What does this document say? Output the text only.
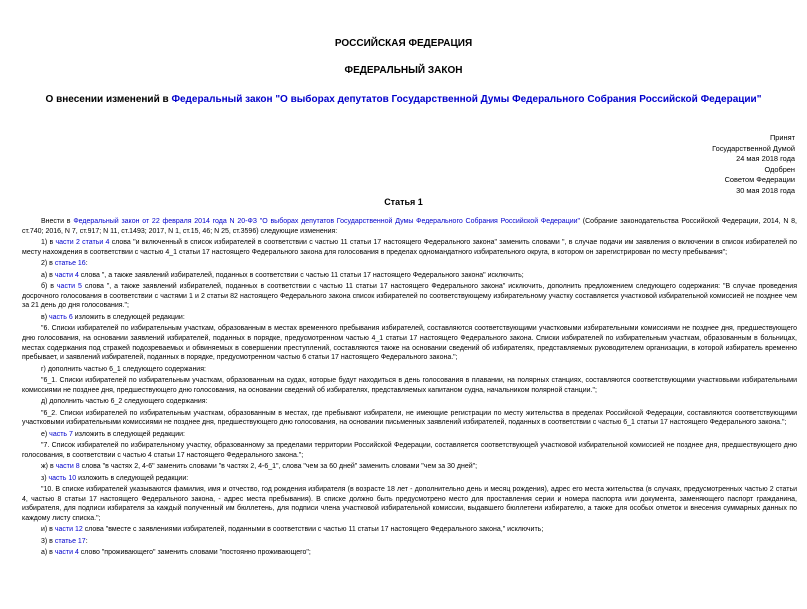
РОССИЙСКАЯ ФЕДЕРАЦИЯ
ФЕДЕРАЛЬНЫЙ ЗАКОН
О внесении изменений в Федеральный закон "О выборах депутатов Государственной Думы Федерального Собрания Российской Федерации"
Принят
Государственной Думой
24 мая 2018 года
Одобрен
Советом Федерации
30 мая 2018 года
Статья 1

Внести в Федеральный закон от 22 февраля 2014 года N 20-ФЗ "О выборах депутатов Государственной Думы Федерального Собрания Российской Федерации" (Собрание законодательства Российской Федерации, 2014, N 8, ст.740; 2016, N 7, ст.917; N 11, ст.1493; 2017, N 1, ст.15, 46; N 25, ст.3596) следующие изменения:

1) в части 2 статьи 4 слова "и включенный в список избирателей в соответствии с частью 11 статьи 17 настоящего Федерального закона" заменить словами ", в случае подачи им заявления о включении в список избирателей по месту нахождения в соответствии с частью 4_1 статьи 17 настоящего Федерального закона для голосования в пределах одномандатного избирательного округа, в котором он зарегистрирован по месту пребывания";

2) в статье 16:

а) в части 4 слова ", а также заявлений избирателей, поданных в соответствии с частью 11 статьи 17 настоящего Федерального закона" исключить;

б) в части 5 слова ", а также заявлений избирателей, поданных в соответствии с частью 11 статьи 17 настоящего Федерального закона" исключить, дополнить предложением следующего содержания: "В случае проведения досрочного голосования в соответствии с частями 1 и 2 статьи 82 настоящего Федерального закона список избирателей по соответствующему избирательному участку составляется участковой избирательной комиссией не позднее чем за 21 день до дня голосования.";

в) часть 6 изложить в следующей редакции:

"6. Списки избирателей по избирательным участкам, образованным в местах временного пребывания избирателей, составляются соответствующими участковыми избирательными комиссиями не позднее дня, предшествующего дню голосования, на основании заявлений избирателей, поданных в порядке, предусмотренном частью 4_1 статьи 17 настоящего Федерального закона. Списки избирателей по избирательным участкам, образованным в больницах, местах содержания под стражей подозреваемых и обвиняемых в совершении преступлений, составляются также на основании сведений об избирателях, представляемых руководителем организации, в которой избиратель временно пребывает, и заявлений избирателей, поданных в порядке, предусмотренном частью 6 статьи 17 настоящего Федерального закона.";

г) дополнить частью 6_1 следующего содержания:

"6_1. Списки избирателей по избирательным участкам, образованным на судах, которые будут находиться в день голосования в плавании, на полярных станциях, составляются соответствующими участковыми избирательными комиссиями не позднее дня, предшествующего дню голосования, на основании сведений об избирателях, представляемых капитаном судна, начальником полярной станции.";

д) дополнить частью 6_2 следующего содержания:

"6_2. Списки избирателей по избирательным участкам, образованным в местах, где пребывают избиратели, не имеющие регистрации по месту жительства в пределах Российской Федерации, составляются соответствующими участковыми избирательными комиссиями не позднее дня, предшествующего дню голосования, на основании письменных заявлений избирателей, поданных в соответствии с частью 6_1 статьи 17 настоящего Федерального закона.";

е) часть 7 изложить в следующей редакции:

"7. Список избирателей по избирательному участку, образованному за пределами территории Российской Федерации, составляется соответствующей участковой избирательной комиссией не позднее дня, предшествующего дню голосования, в соответствии с частью 4 статьи 17 настоящего Федерального закона.";

ж) в части 8 слова "в частях 2, 4-6" заменить словами "в частях 2, 4-6_1", слова "чем за 60 дней" заменить словами "чем за 30 дней";

з) часть 10 изложить в следующей редакции:

"10. В списке избирателей указываются фамилия, имя и отчество, год рождения избирателя (в возрасте 18 лет - дополнительно день и месяц рождения), адрес его места жительства (в случаях, предусмотренных частью 2 статьи 4, частью 8 статьи 17 настоящего Федерального закона, - адрес места пребывания). В списке должно быть предусмотрено место для проставления серии и номера паспорта или документа, заменяющего паспорт гражданина, избирателя, для подписи избирателя за каждый полученный им бюллетень, для подписи члена участковой избирательной комиссии, выдавшего бюллетени избирателю, а также для особых отметок и внесения суммарных данных по каждому листу списка.";

и) в части 12 слова "вместе с заявлениями избирателей, поданными в соответствии с частью 11 статьи 17 настоящего Федерального закона," исключить;

3) в статье 17:

а) в части 4 слово "проживающего" заменить словами "постоянно проживающего";
